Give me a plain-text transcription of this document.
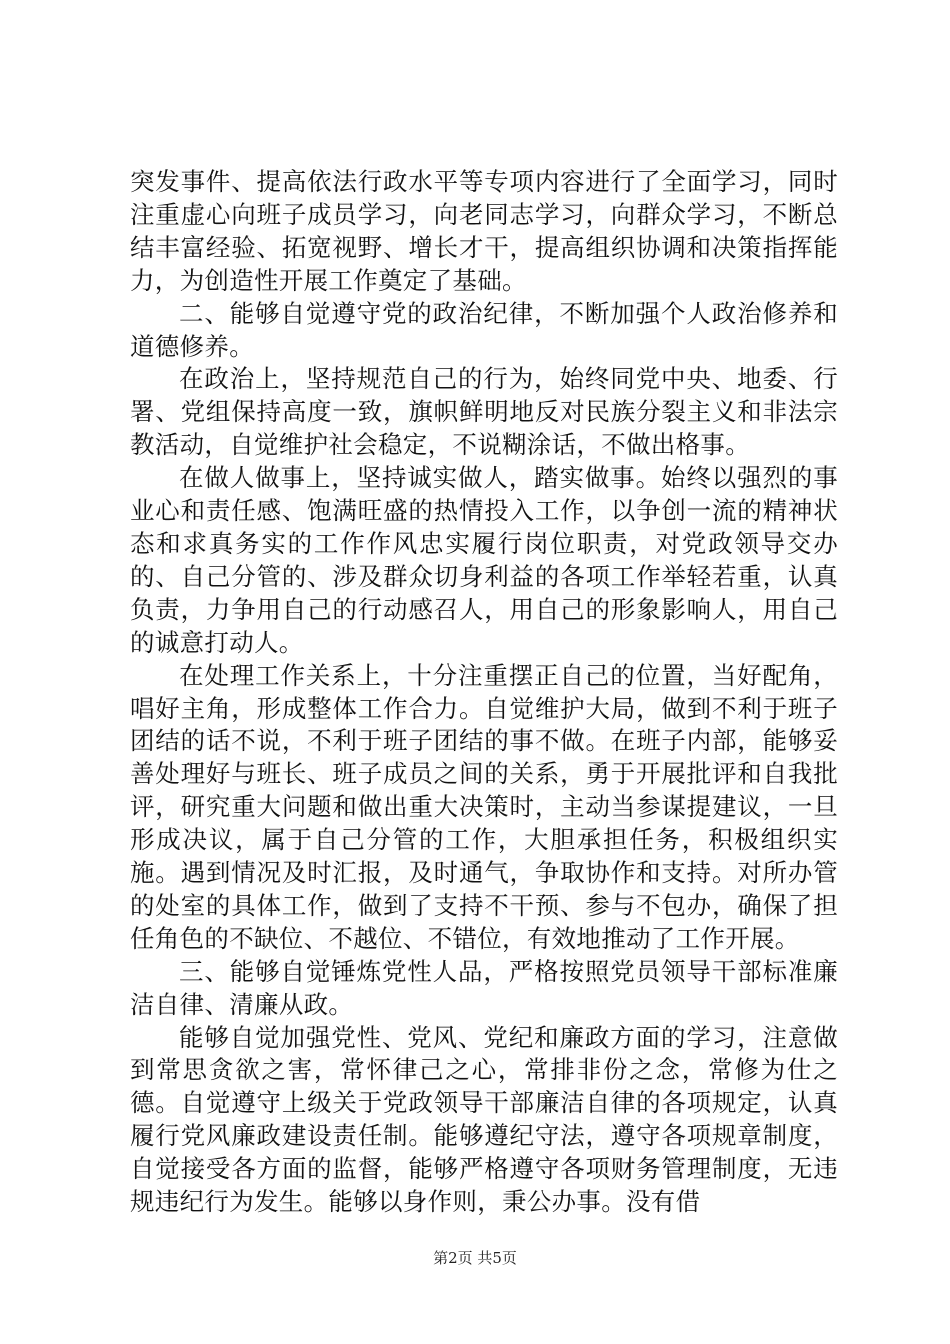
突发事件、提高依法行政水平等专项内容进行了全面学习，同时注重虚心向班子成员学习，向老同志学习，向群众学习，不断总结丰富经验、拓宽视野、增长才干，提高组织协调和决策指挥能力，为创造性开展工作奠定了基础。

二、能够自觉遵守党的政治纪律，不断加强个人政治修养和道德修养。

在政治上，坚持规范自己的行为，始终同党中央、地委、行署、党组保持高度一致，旗帜鲜明地反对民族分裂主义和非法宗教活动，自觉维护社会稳定，不说糊涂话，不做出格事。

在做人做事上，坚持诚实做人，踏实做事。始终以强烈的事业心和责任感、饱满旺盛的热情投入工作，以争创一流的精神状态和求真务实的工作作风忠实履行岗位职责，对党政领导交办的、自己分管的、涉及群众切身利益的各项工作举轻若重，认真负责，力争用自己的行动感召人，用自己的形象影响人，用自己的诚意打动人。

在处理工作关系上，十分注重摆正自己的位置，当好配角，唱好主角，形成整体工作合力。自觉维护大局，做到不利于班子团结的话不说，不利于班子团结的事不做。在班子内部，能够妥善处理好与班长、班子成员之间的关系，勇于开展批评和自我批评，研究重大问题和做出重大决策时，主动当参谋提建议，一旦形成决议，属于自己分管的工作，大胆承担任务，积极组织实施。遇到情况及时汇报，及时通气，争取协作和支持。对所办管的处室的具体工作，做到了支持不干预、参与不包办，确保了担任角色的不缺位、不越位、不错位，有效地推动了工作开展。

三、能够自觉锤炼党性人品，严格按照党员领导干部标准廉洁自律、清廉从政。

能够自觉加强党性、党风、党纪和廉政方面的学习，注意做到常思贪欲之害，常怀律己之心，常排非份之念，常修为仕之德。自觉遵守上级关于党政领导干部廉洁自律的各项规定，认真履行党风廉政建设责任制。能够遵纪守法，遵守各项规章制度，自觉接受各方面的监督，能够严格遵守各项财务管理制度，无违规违纪行为发生。能够以身作则，秉公办事。没有借

第2页 共5页
